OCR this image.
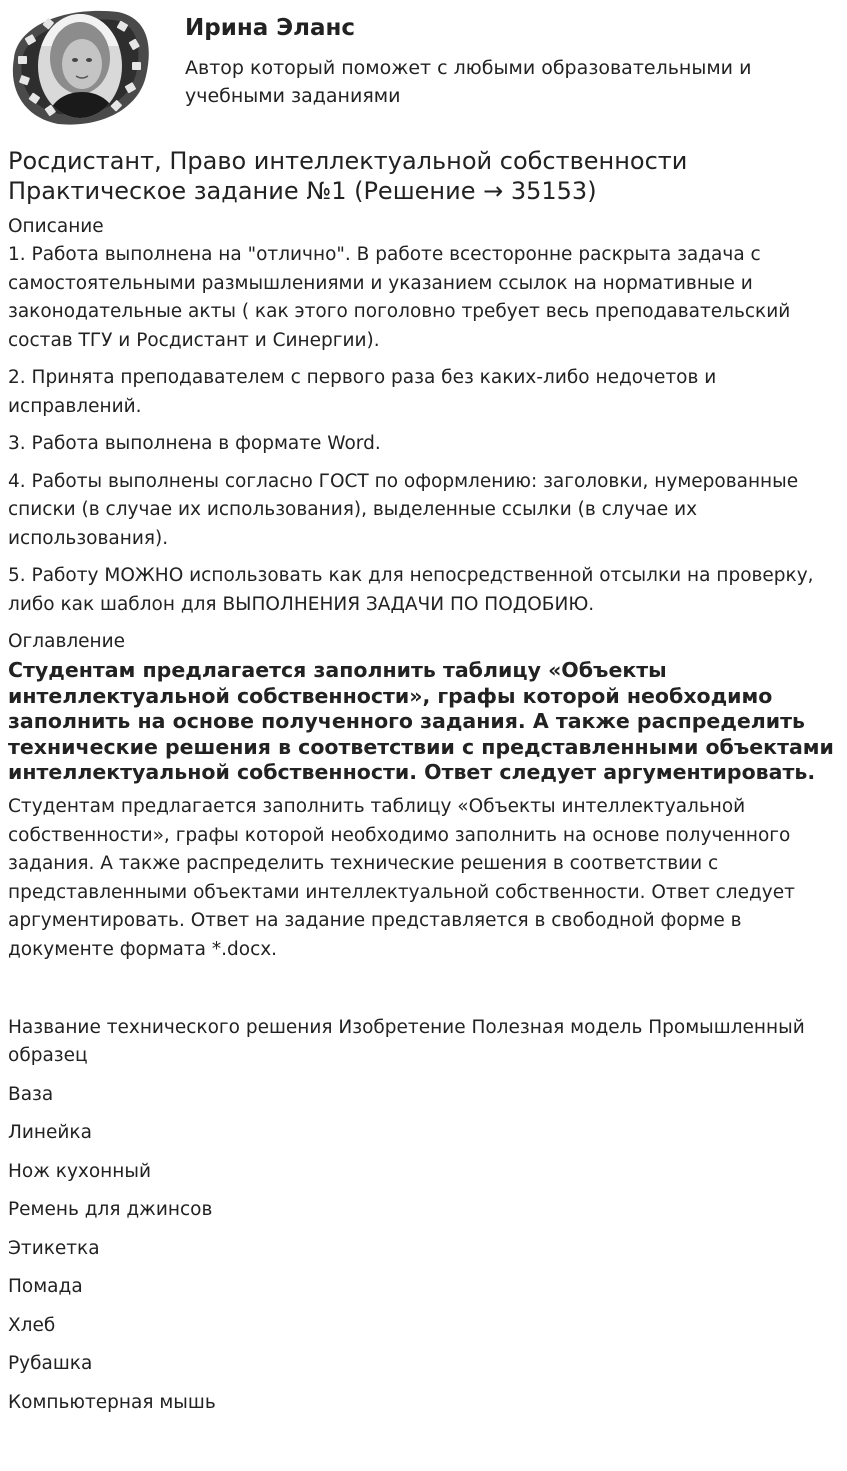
Ирина Эланс
Автор который поможет с любыми образовательными и учебными заданиями
Росдистант, Право интеллектуальной собственности
Практическое задание №1 (Решение → 35153)
Описание

1. Работа выполнена на "отлично". В работе всесторонне раскрыта задача с самостоятельными размышлениями и указанием ссылок на нормативные и законодательные акты ( как этого поголовно требует весь преподавательский состав ТГУ и Росдистант и Синергии).

2. Принята преподавателем с первого раза без каких-либо недочетов и исправлений.

3. Работа выполнена в формате Word.

4. Работы выполнены согласно ГОСТ по оформлению: заголовки, нумерованные списки (в случае их использования), выделенные ссылки (в случае их использования).

5. Работу МОЖНО использовать как для непосредственной отсылки на проверку, либо как шаблон для ВЫПОЛНЕНИЯ ЗАДАЧИ ПО ПОДОБИЮ.

Оглавление
Студентам предлагается заполнить таблицу «Объекты интеллектуальной собственности», графы которой необходимо заполнить на основе полученного задания. А также распределить технические решения в соответствии с представленными объектами интеллектуальной собственности. Ответ следует аргументировать.

Студентам предлагается заполнить таблицу «Объекты интеллектуальной собственности», графы которой необходимо заполнить на основе полученного задания. А также распределить технические решения в соответствии с представленными объектами интеллектуальной собственности. Ответ следует аргументировать. Ответ на задание представляется в свободной форме в документе формата *.docx.

Название технического решения Изобретение Полезная модель Промышленный образец

Ваза

Линейка

Нож кухонный

Ремень для джинсов

Этикетка

Помада

Хлеб

Рубашка

Компьютерная мышь
